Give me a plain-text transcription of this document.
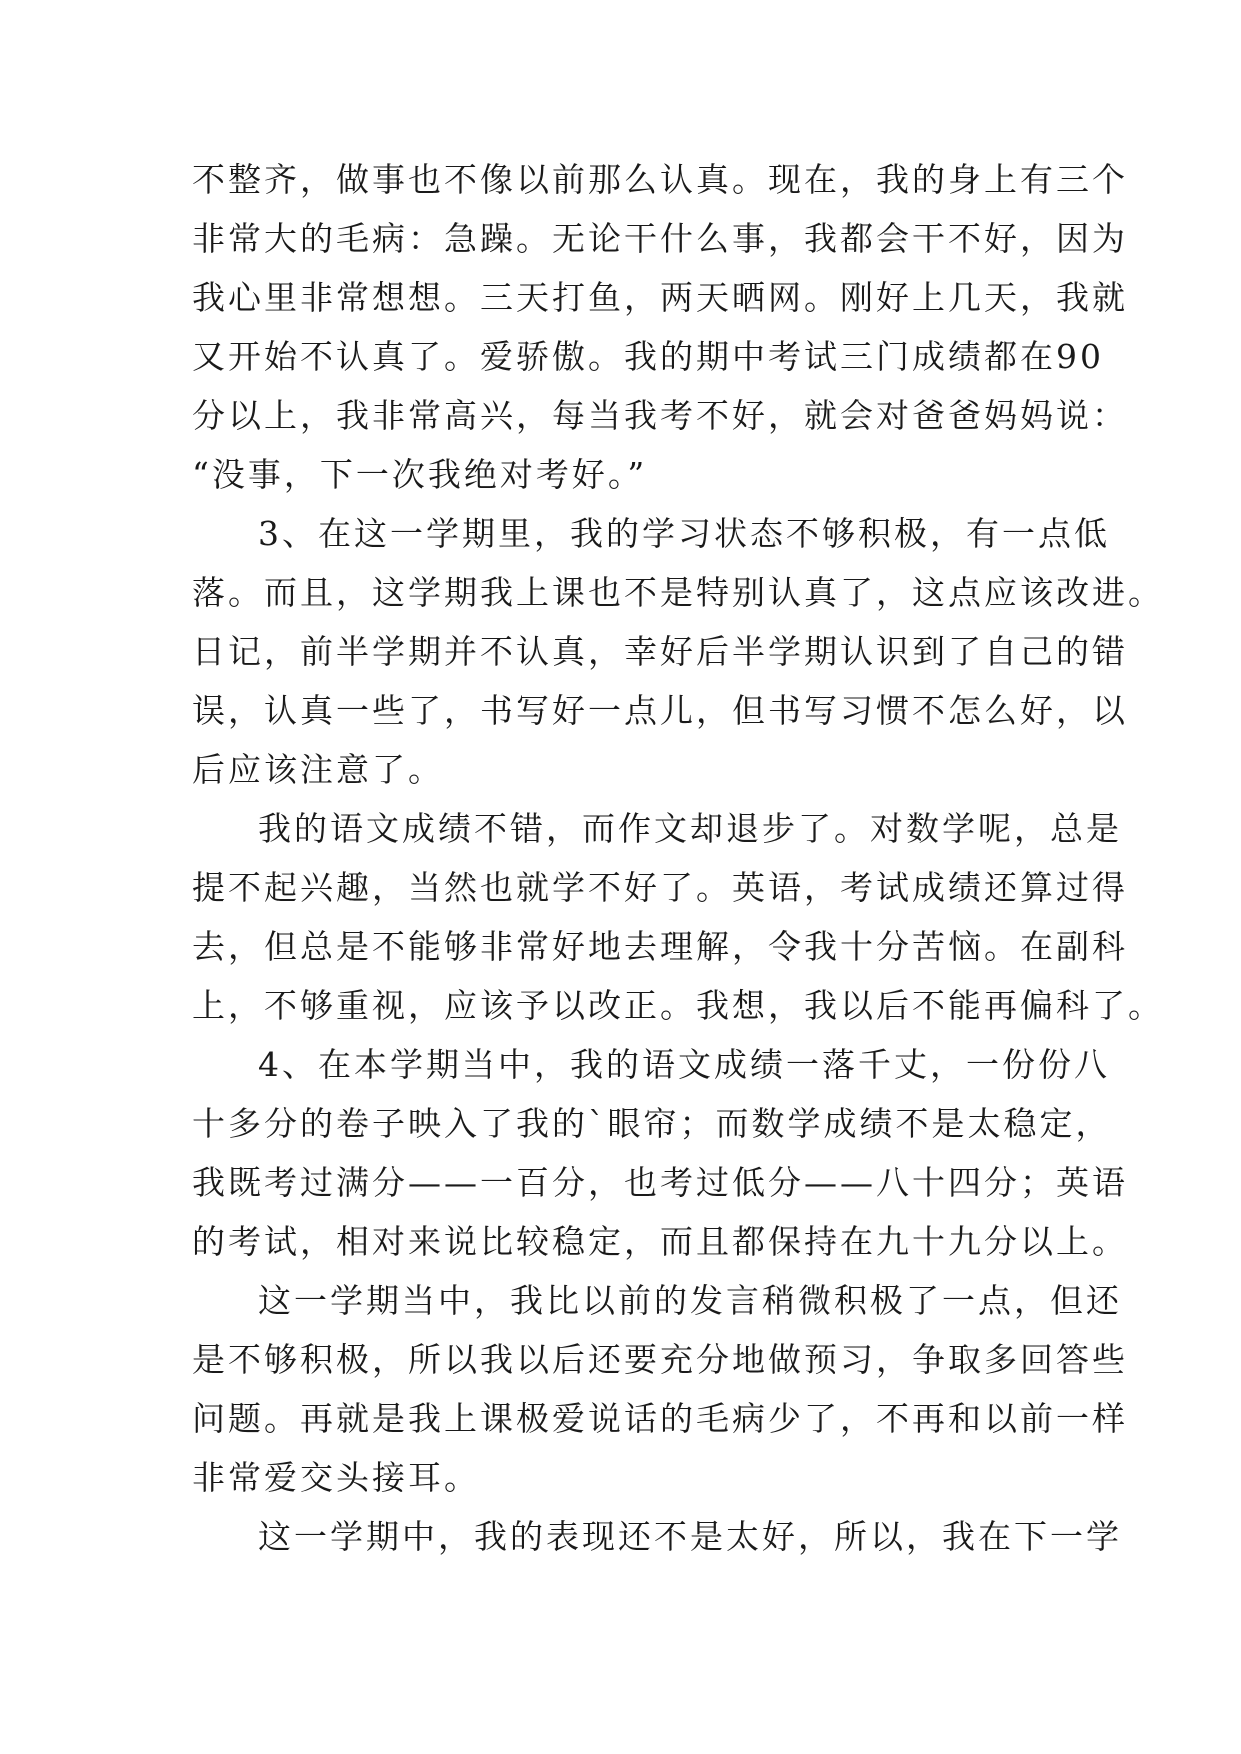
不整齐，做事也不像以前那么认真。现在，我的身上有三个
非常大的毛病：急躁。无论干什么事，我都会干不好，因为
我心里非常想想。三天打鱼，两天晒网。刚好上几天，我就
又开始不认真了。爱骄傲。我的期中考试三门成绩都在90
分以上，我非常高兴，每当我考不好，就会对爸爸妈妈说：
“没事，下一次我绝对考好。”
3、在这一学期里，我的学习状态不够积极，有一点低
落。而且，这学期我上课也不是特别认真了，这点应该改进。
日记，前半学期并不认真，幸好后半学期认识到了自己的错
误，认真一些了，书写好一点儿，但书写习惯不怎么好，以
后应该注意了。
我的语文成绩不错，而作文却退步了。对数学呢，总是
提不起兴趣，当然也就学不好了。英语，考试成绩还算过得
去，但总是不能够非常好地去理解，令我十分苦恼。在副科
上，不够重视，应该予以改正。我想，我以后不能再偏科了。
4、在本学期当中，我的语文成绩一落千丈，一份份八
十多分的卷子映入了我的`眼帘；而数学成绩不是太稳定，
我既考过满分——一百分，也考过低分——八十四分；英语
的考试，相对来说比较稳定，而且都保持在九十九分以上。
这一学期当中，我比以前的发言稍微积极了一点，但还
是不够积极，所以我以后还要充分地做预习，争取多回答些
问题。再就是我上课极爱说话的毛病少了，不再和以前一样
非常爱交头接耳。
这一学期中，我的表现还不是太好，所以，我在下一学
